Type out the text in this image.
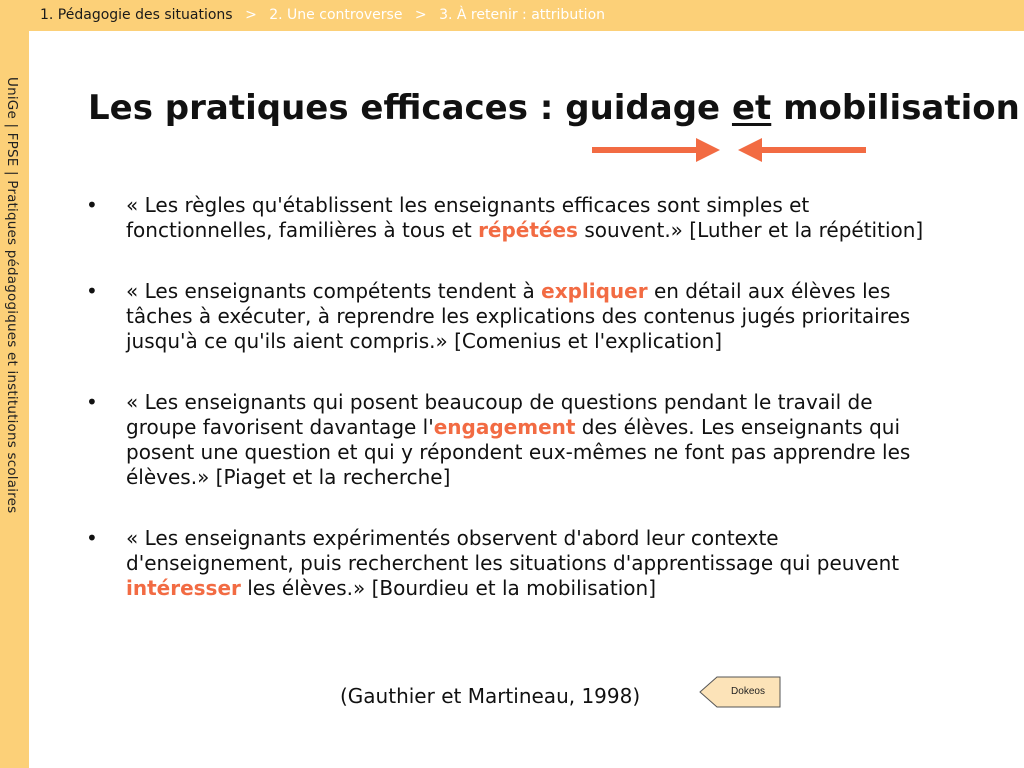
1. Pédagogie des situations > 2. Une controverse > 3. À retenir : attribution
UniGe | FPSE | Pratiques pédagogiques et institutions scolaires Les pratiques efficaces : guidage et mobilisation
• « Les règles qu'établissent les enseignants efficaces sont simples et fonctionnelles, familières à tous et répétées souvent.» [Luther et la répétition]
• « Les enseignants compétents tendent à expliquer en détail aux élèves les tâches à exécuter, à reprendre les explications des contenus jugés prioritaires jusqu'à ce qu'ils aient compris.» [Comenius et l'explication]
• « Les enseignants qui posent beaucoup de questions pendant le travail de groupe favorisent davantage l'engagement des élèves. Les enseignants qui posent une question et qui y répondent eux-mêmes ne font pas apprendre les élèves.» [Piaget et la recherche]
• « Les enseignants expérimentés observent d'abord leur contexte d'enseignement, puis recherchent les situations d'apprentissage qui peuvent intéresser les élèves.» [Bourdieu et la mobilisation]
(Gauthier et Martineau, 1998)	Dokeos
